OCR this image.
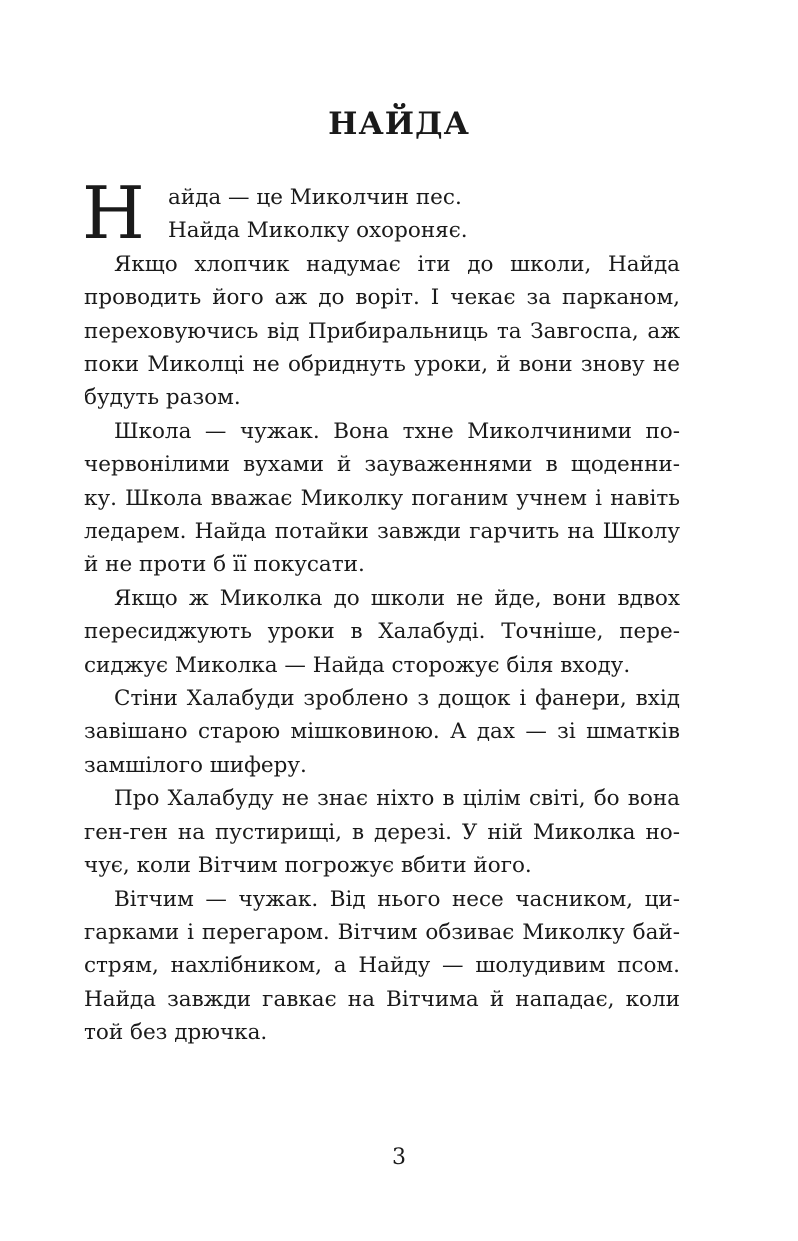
НАЙДА
Н айда — це Миколчин пес.
Найда Миколку охороняє.

Якщо хлопчик надумає іти до школи, Найда
проводить його аж до воріт. І чекає за парканом,
переховуючись від Прибиральниць та Завгоспа, аж
поки Миколці не обриднуть уроки, й вони знову не
будуть разом.

Школа — чужак. Вона тхне Миколчиними по-
червонілими вухами й зауваженнями в щоденни-
ку. Школа вважає Миколку поганим учнем і навіть
ледарем. Найда потайки завжди гарчить на Школу
й не проти б її покусати.

Якщо ж Миколка до школи не йде, вони вдвох
пересиджують уроки в Халабуді. Точніше, пере-
сиджує Миколка — Найда сторожує біля входу.

Стіни Халабуди зроблено з дощок і фанери, вхід
завішано старою мішковиною. А дах — зі шматків
замшілого шиферу.

Про Халабуду не знає ніхто в цілім світі, бо вона
ген-ген на пустирищі, в дерезі. У ній Миколка но-
чує, коли Вітчим погрожує вбити його.

Вітчим — чужак. Від нього несе часником, ци-
гарками і перегаром. Вітчим обзиває Миколку бай-
стрям, нахлібником, а Найду — шолудивим псом.
Найда завжди гавкає на Вітчима й нападає, коли
той без дрючка.

3
